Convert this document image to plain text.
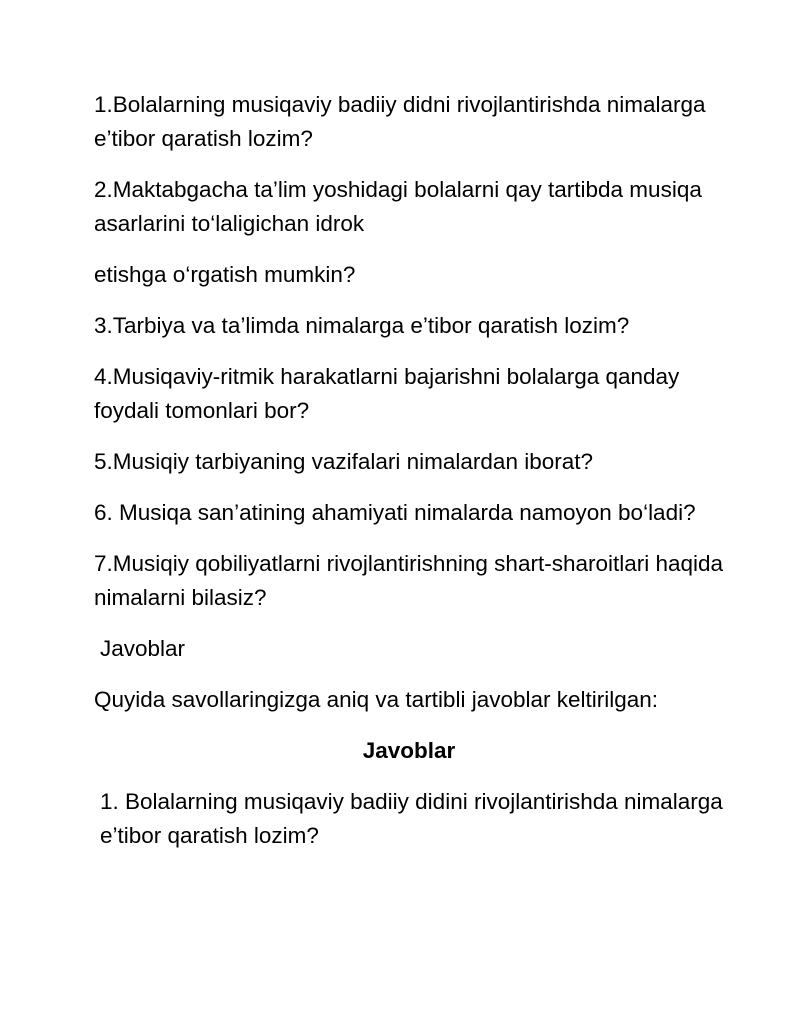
1.Bolalarning musiqaviy badiiy didni rivojlantirishda nimalarga e’tibor qaratish lozim?

2.Maktabgacha ta’lim yoshidagi bolalarni qay tartibda musiqa asarlarini to‘laligichan idrok

etishga o‘rgatish mumkin?

3.Tarbiya va ta’limda nimalarga e’tibor qaratish lozim?

4.Musiqaviy-ritmik harakatlarni bajarishni bolalarga qanday foydali tomonlari bor?

5.Musiqiy tarbiyaning vazifalari nimalardan iborat?

6. Musiqa san’atining ahamiyati nimalarda namoyon bo‘ladi?

7.Musiqiy qobiliyatlarni rivojlantirishning shart-sharoitlari haqida nimalarni bilasiz?

Javoblar

Quyida savollaringizga aniq va tartibli javoblar keltirilgan:

Javoblar

1. Bolalarning musiqaviy badiiy didini rivojlantirishda nimalarga e’tibor qaratish lozim?
